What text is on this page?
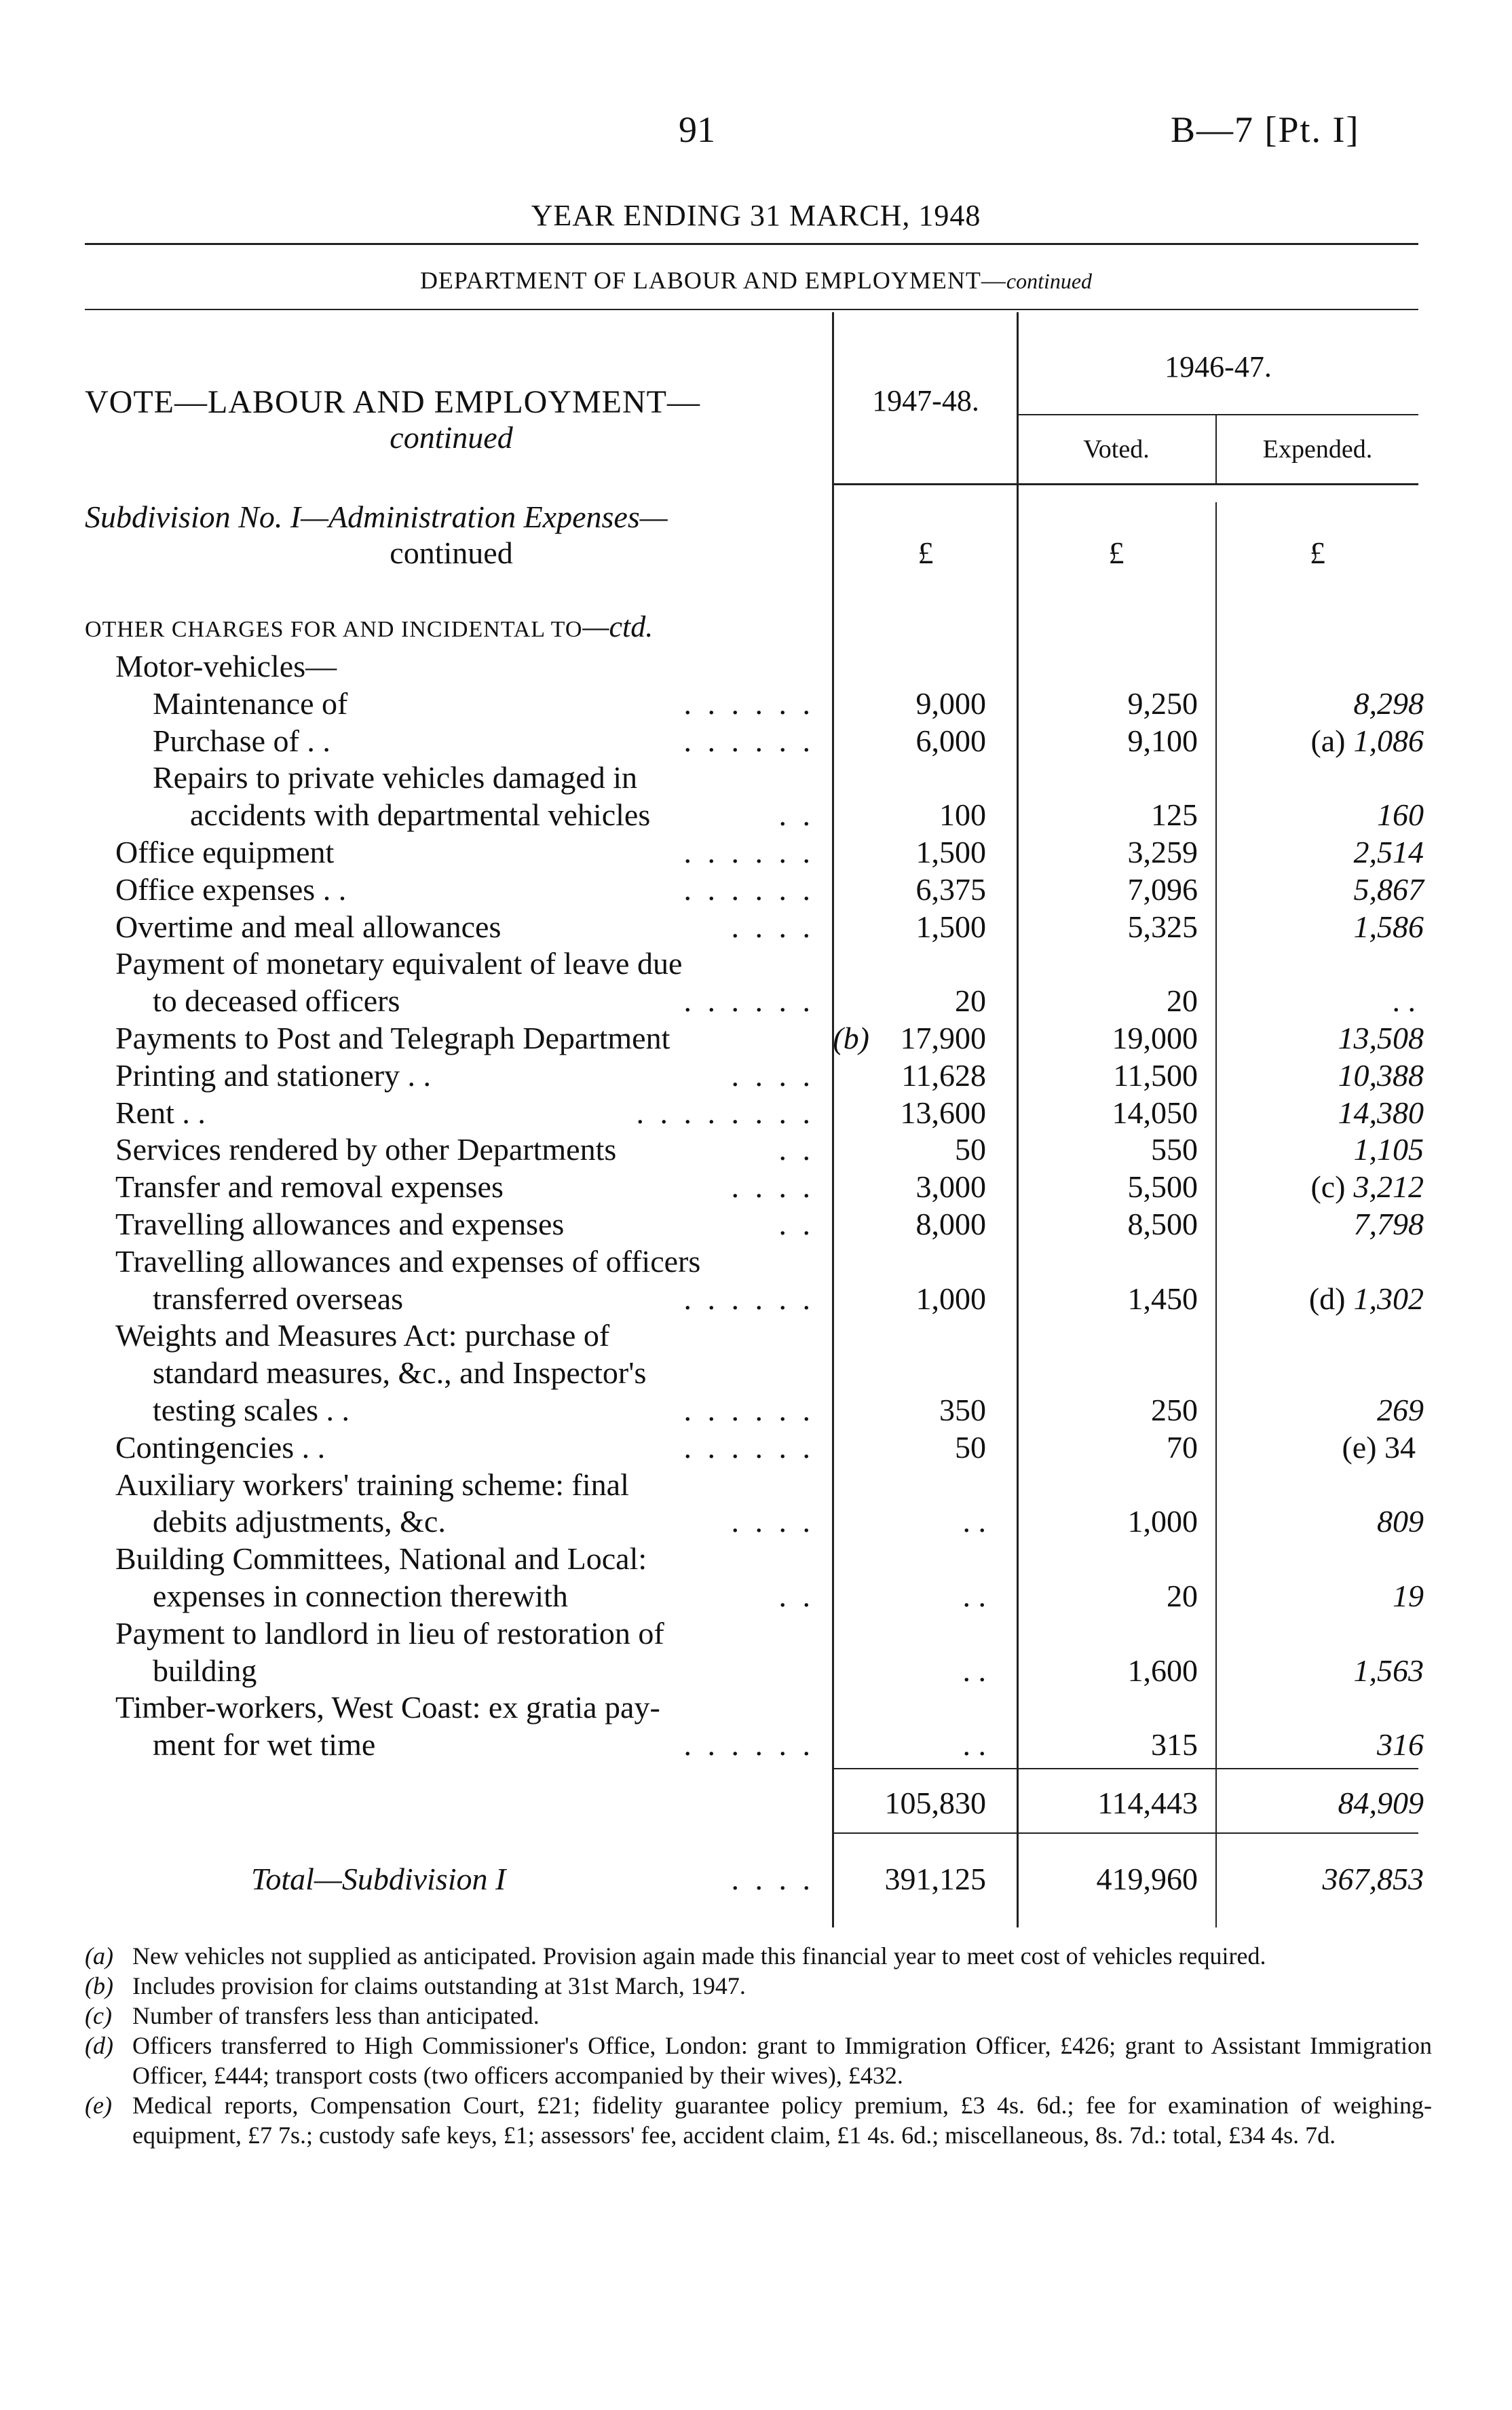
91	B—7 [Pt. I]
YEAR ENDING 31 MARCH, 1948
DEPARTMENT OF LABOUR AND EMPLOYMENT—continued
VOTE—LABOUR AND EMPLOYMENT—
continued
1947-48.
1946-47.
Voted.	Expended.
Subdivision No. I—Administration Expenses—
continued	£	£	£
OTHER CHARGES FOR AND INCIDENTAL TO—ctd.
Motor-vehicles—
Maintenance of	. . . . . .	9,000	9,250	8,298
Purchase of . .	. . . . . .	6,000	9,100	(a) 1,086
Repairs to private vehicles damaged in
accidents with departmental vehicles	. .	100	125	160
Office equipment	. . . . . .	1,500	3,259	2,514
Office expenses . .	. . . . . .	6,375	7,096	5,867
Overtime and meal allowances	. . . .	1,500	5,325	1,586
Payment of monetary equivalent of leave due
to deceased officers	. . . . . .	20	20	. .
Payments to Post and Telegraph Department	(b) 17,900	19,000	13,508
Printing and stationery . .	. . . .	11,628	11,500	10,388
Rent . .	. . . . . . . .	13,600	14,050	14,380
Services rendered by other Departments	. .	50	550	1,105
Transfer and removal expenses	. . . .	3,000	5,500	(c) 3,212
Travelling allowances and expenses	. .	8,000	8,500	7,798
Travelling allowances and expenses of officers
transferred overseas	. . . . . .	1,000	1,450	(d) 1,302
Weights and Measures Act: purchase of
standard measures, &c., and Inspector's
testing scales . .	. . . . . .	350	250	269
Contingencies . .	. . . . . .	50	70	(e) 34
Auxiliary workers' training scheme: final
debits adjustments, &c.	. . . .	. .	1,000	809
Building Committees, National and Local:
expenses in connection therewith	. .	. .	20	19
Payment to landlord in lieu of restoration of
building	. .	1,600	1,563
Timber-workers, West Coast: ex gratia pay-
ment for wet time	. . . . . .	. .	315	316
105,830	114,443	84,909
Total—Subdivision I	. . . . 391,125	419,960	367,853
(a) New vehicles not supplied as anticipated. Provision again made this financial year to meet cost of vehicles required.
(b) Includes provision for claims outstanding at 31st March, 1947.
(c) Number of transfers less than anticipated.
(d) Officers transferred to High Commissioner's Office, London: grant to Immigration Officer, £426; grant to Assistant Immigration Officer, £444; transport costs (two officers accompanied by their wives), £432.
(e) Medical reports, Compensation Court, £21; fidelity guarantee policy premium, £3 4s. 6d.; fee for examination of weighing-equipment, £7 7s.; custody safe keys, £1; assessors' fee, accident claim, £1 4s. 6d.; miscellaneous, 8s. 7d.: total, £34 4s. 7d.
